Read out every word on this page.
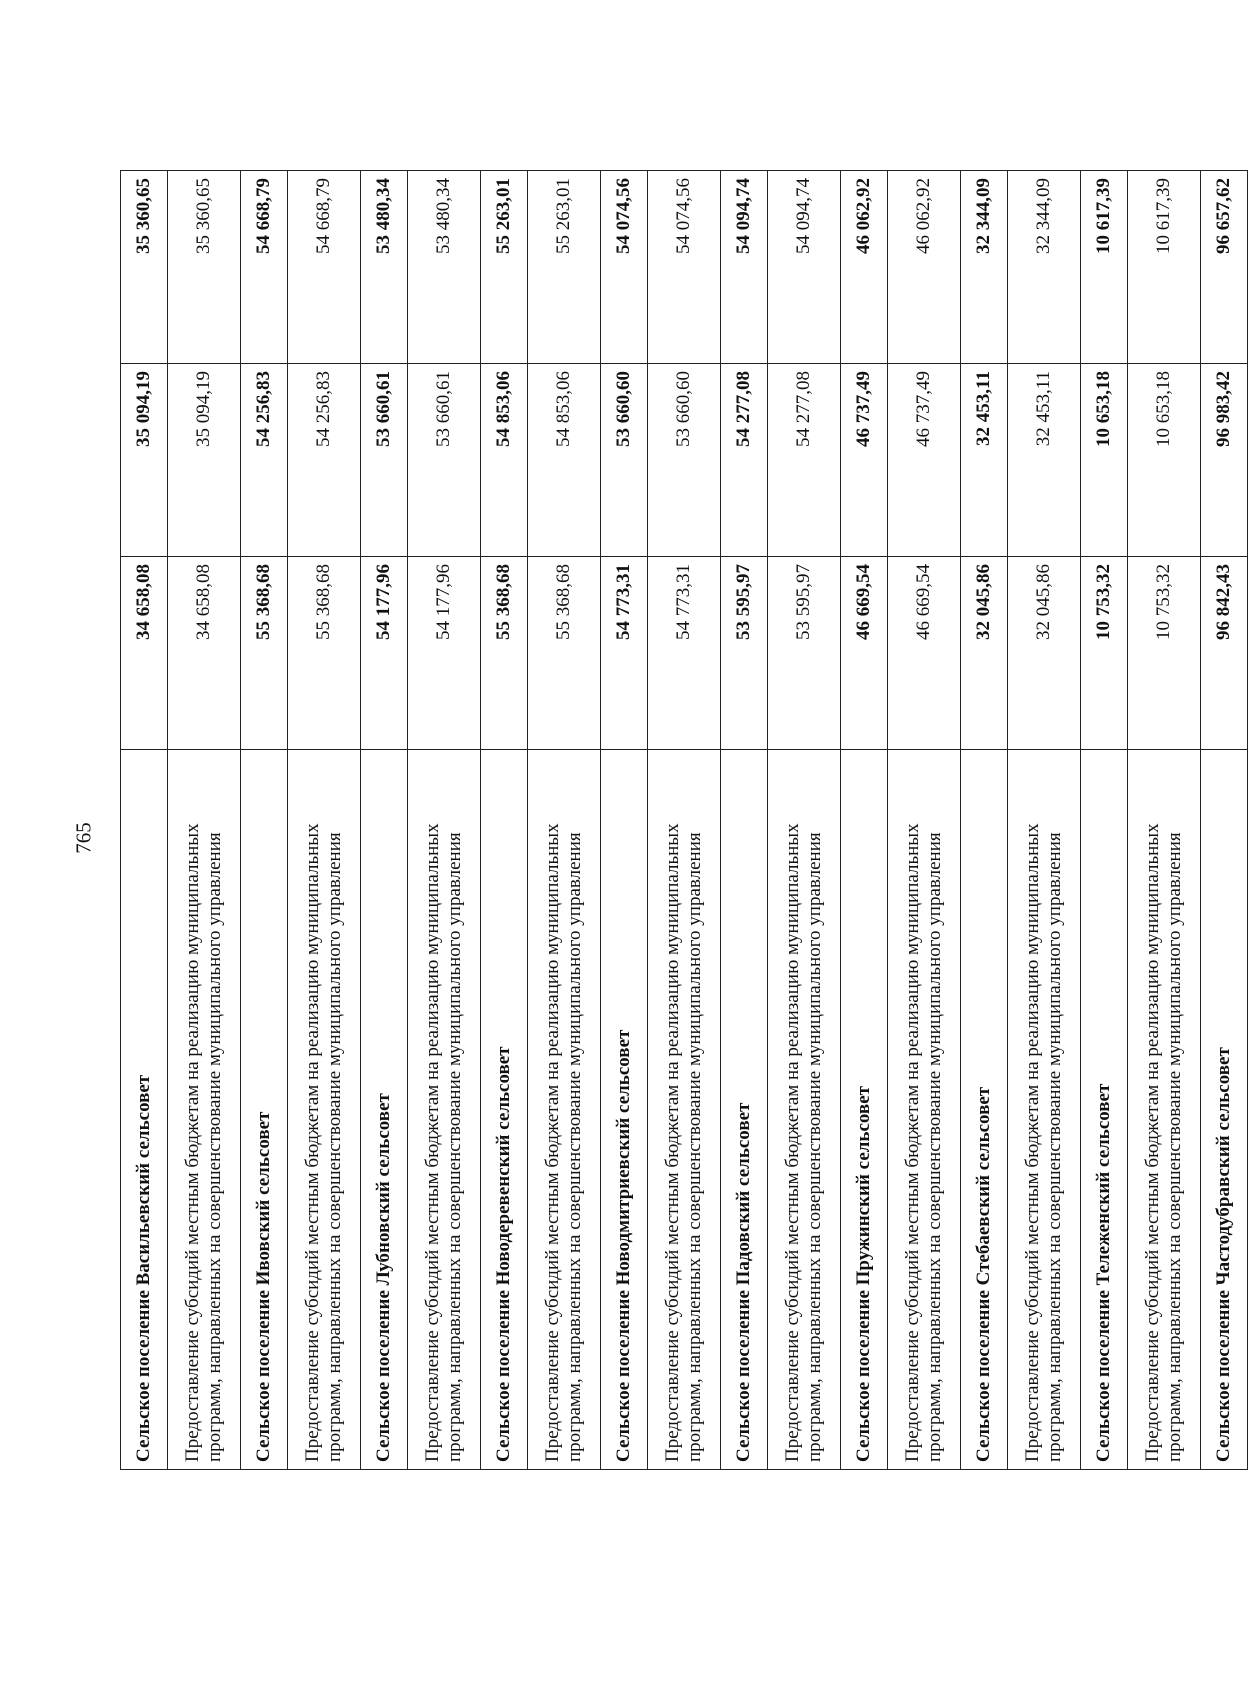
765
Сельское поселение Васильевский сельсовет	34 658,08	35 094,19	35 360,65
Предоставление субсидий местным бюджетам на реализацию муниципальных программ, направленных на совершенствование муниципального управления	34 658,08	35 094,19	35 360,65
Сельское поселение Ивовский сельсовет	55 368,68	54 256,83	54 668,79
Предоставление субсидий местным бюджетам на реализацию муниципальных программ, направленных на совершенствование муниципального управления	55 368,68	54 256,83	54 668,79
Сельское поселение Лубновский сельсовет	54 177,96	53 660,61	53 480,34
Предоставление субсидий местным бюджетам на реализацию муниципальных программ, направленных на совершенствование муниципального управления	54 177,96	53 660,61	53 480,34
Сельское поселение Новодеревенский сельсовет	55 368,68	54 853,06	55 263,01
Предоставление субсидий местным бюджетам на реализацию муниципальных программ, направленных на совершенствование муниципального управления	55 368,68	54 853,06	55 263,01
Сельское поселение Новодмитриевский сельсовет	54 773,31	53 660,60	54 074,56
Предоставление субсидий местным бюджетам на реализацию муниципальных программ, направленных на совершенствование муниципального управления	54 773,31	53 660,60	54 074,56
Сельское поселение Падовский сельсовет	53 595,97	54 277,08	54 094,74
Предоставление субсидий местным бюджетам на реализацию муниципальных программ, направленных на совершенствование муниципального управления	53 595,97	54 277,08	54 094,74
Сельское поселение Пружинский сельсовет	46 669,54	46 737,49	46 062,92
Предоставление субсидий местным бюджетам на реализацию муниципальных программ, направленных на совершенствование муниципального управления	46 669,54	46 737,49	46 062,92
Сельское поселение Стебаевский сельсовет	32 045,86	32 453,11	32 344,09
Предоставление субсидий местным бюджетам на реализацию муниципальных программ, направленных на совершенствование муниципального управления	32 045,86	32 453,11	32 344,09
Сельское поселение Тележенский сельсовет	10 753,32	10 653,18	10 617,39
Предоставление субсидий местным бюджетам на реализацию муниципальных программ, направленных на совершенствование муниципального управления	10 753,32	10 653,18	10 617,39
Сельское поселение Частодубравский сельсовет	96 842,43	96 983,42	96 657,62
